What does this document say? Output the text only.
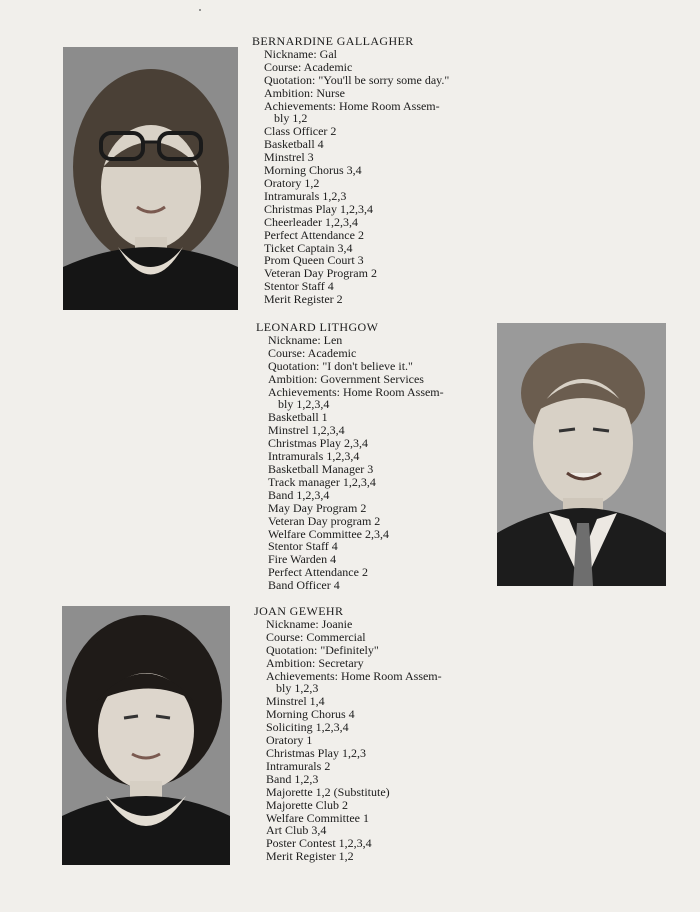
BERNARDINE GALLAGHER
Nickname: Gal
Course: Academic
Quotation: "You'll be sorry some day."
Ambition: Nurse
Achievements: Home Room Assem-
bly 1,2
Class Officer 2
Basketball 4
Minstrel 3
Morning Chorus 3,4
Oratory 1,2
Intramurals 1,2,3
Christmas Play 1,2,3,4
Cheerleader 1,2,3,4
Perfect Attendance 2
Ticket Captain 3,4
Prom Queen Court 3
Veteran Day Program 2
Stentor Staff 4
Merit Register 2
LEONARD LITHGOW
Nickname: Len
Course: Academic
Quotation: "I don't believe it."
Ambition: Government Services
Achievements: Home Room Assem-
bly 1,2,3,4
Basketball 1
Minstrel 1,2,3,4
Christmas Play 2,3,4
Intramurals 1,2,3,4
Basketball Manager 3
Track manager 1,2,3,4
Band 1,2,3,4
May Day Program 2
Veteran Day program 2
Welfare Committee 2,3,4
Stentor Staff 4
Fire Warden 4
Perfect Attendance 2
Band Officer 4
JOAN GEWEHR
Nickname: Joanie
Course: Commercial
Quotation: "Definitely"
Ambition: Secretary
Achievements: Home Room Assem-
bly 1,2,3
Minstrel 1,4
Morning Chorus 4
Soliciting 1,2,3,4
Oratory 1
Christmas Play 1,2,3
Intramurals 2
Band 1,2,3
Majorette 1,2 (Substitute)
Majorette Club 2
Welfare Committee 1
Art Club 3,4
Poster Contest 1,2,3,4
Merit Register 1,2
